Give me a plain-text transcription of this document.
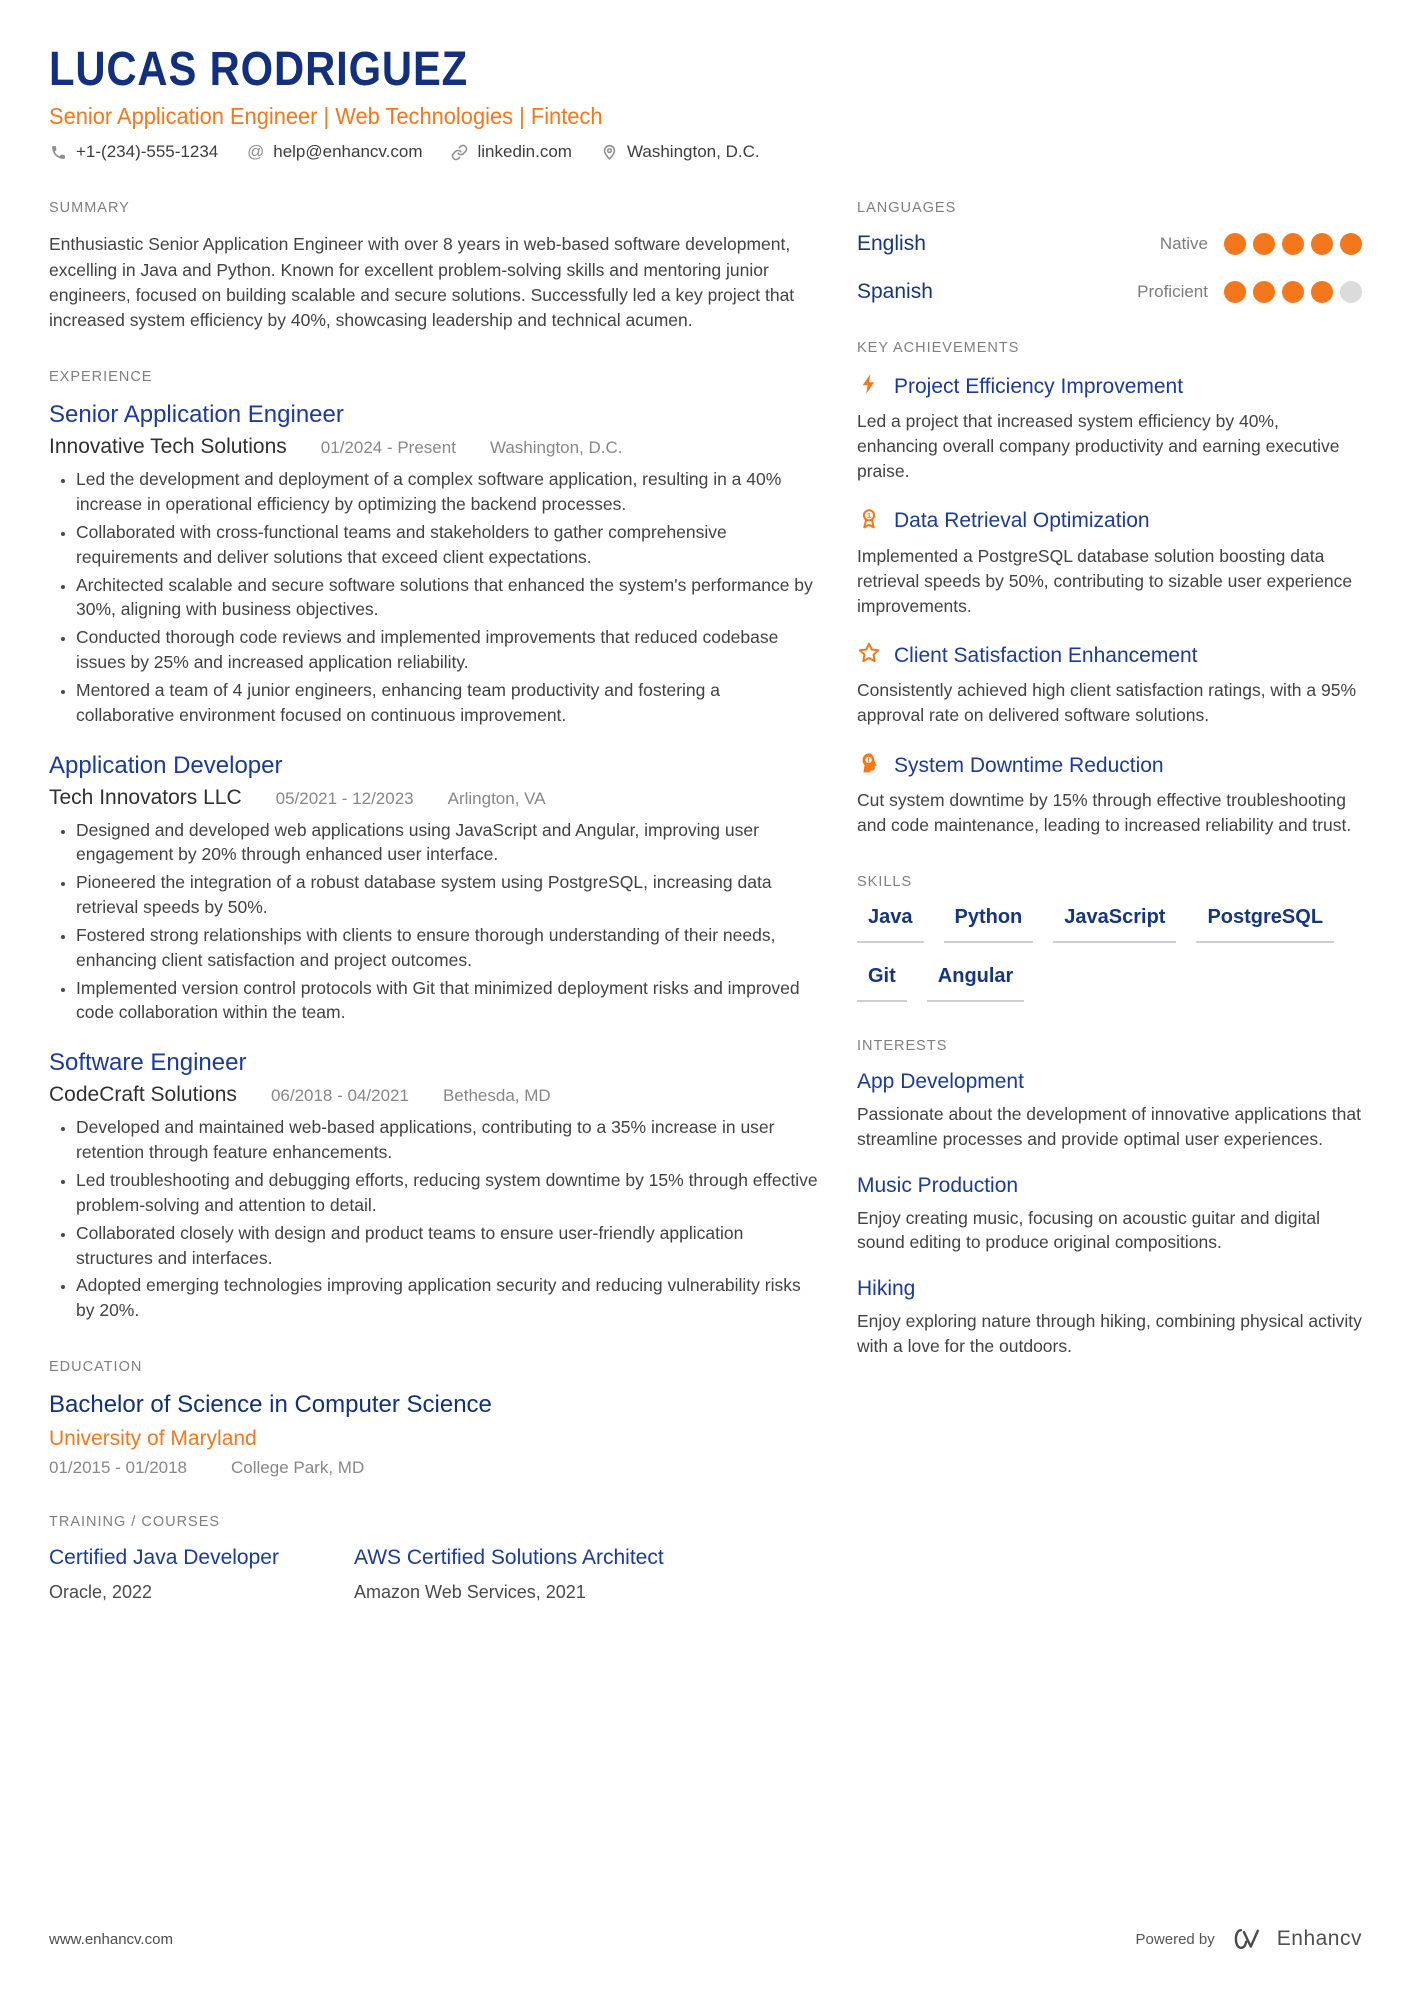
LUCAS RODRIGUEZ
Senior Application Engineer | Web Technologies | Fintech
+1-(234)-555-1234 @ help@enhancv.com	linkedin.com	Washington, D.C.
SUMMARY

Enthusiastic Senior Application Engineer with over 8 years in web-based software development, excelling in Java and Python. Known for excellent problem-solving skills and mentoring junior engineers, focused on building scalable and secure solutions. Successfully led a key project that increased system efficiency by 40%, showcasing leadership and technical acumen.

EXPERIENCE
Senior Application Engineer
Innovative Tech Solutions 01/2024 - Present Washington, D.C.
• Led the development and deployment of a complex software application, resulting in a 40% increase in operational efficiency by optimizing the backend processes.
• Collaborated with cross-functional teams and stakeholders to gather comprehensive requirements and deliver solutions that exceed client expectations.
• Architected scalable and secure software solutions that enhanced the system's performance by 30%, aligning with business objectives.
• Conducted thorough code reviews and implemented improvements that reduced codebase issues by 25% and increased application reliability.
• Mentored a team of 4 junior engineers, enhancing team productivity and fostering a collaborative environment focused on continuous improvement.
Application Developer
Tech Innovators LLC 05/2021 - 12/2023 Arlington, VA
• Designed and developed web applications using JavaScript and Angular, improving user engagement by 20% through enhanced user interface.
• Pioneered the integration of a robust database system using PostgreSQL, increasing data retrieval speeds by 50%.
• Fostered strong relationships with clients to ensure thorough understanding of their needs, enhancing client satisfaction and project outcomes.
• Implemented version control protocols with Git that minimized deployment risks and improved code collaboration within the team.
Software Engineer
CodeCraft Solutions 06/2018 - 04/2021 Bethesda, MD
• Developed and maintained web-based applications, contributing to a 35% increase in user retention through feature enhancements.
• Led troubleshooting and debugging efforts, reducing system downtime by 15% through effective problem-solving and attention to detail.
• Collaborated closely with design and product teams to ensure user-friendly application structures and interfaces.
• Adopted emerging technologies improving application security and reducing vulnerability risks by 20%.
EDUCATION
Bachelor of Science in Computer Science
University of Maryland
01/2015 - 01/2018	College Park, MD
TRAINING / COURSES
Certified Java Developer
Oracle, 2022
AWS Certified Solutions Architect
Amazon Web Services, 2021
LANGUAGES
English	Native
Spanish	Proficient
KEY ACHIEVEMENTS
Project Efficiency Improvement

Led a project that increased system efficiency by 40%, enhancing overall company productivity and earning executive praise.

1 Data Retrieval Optimization

Implemented a PostgreSQL database solution boosting data retrieval speeds by 50%, contributing to sizable user experience improvements.

Client Satisfaction Enhancement

Consistently achieved high client satisfaction ratings, with a 95% approval rate on delivered software solutions.

System Downtime Reduction

Cut system downtime by 15% through effective troubleshooting and code maintenance, leading to increased reliability and trust.

SKILLS
Java	Python	JavaScript	PostgreSQL
Git	Angular
INTERESTS
App Development

Passionate about the development of innovative applications that streamline processes and provide optimal user experiences.

Music Production

Enjoy creating music, focusing on acoustic guitar and digital sound editing to produce original compositions.

Hiking

Enjoy exploring nature through hiking, combining physical activity with a love for the outdoors.

www.enhancv.com	Powered by	Enhancv
